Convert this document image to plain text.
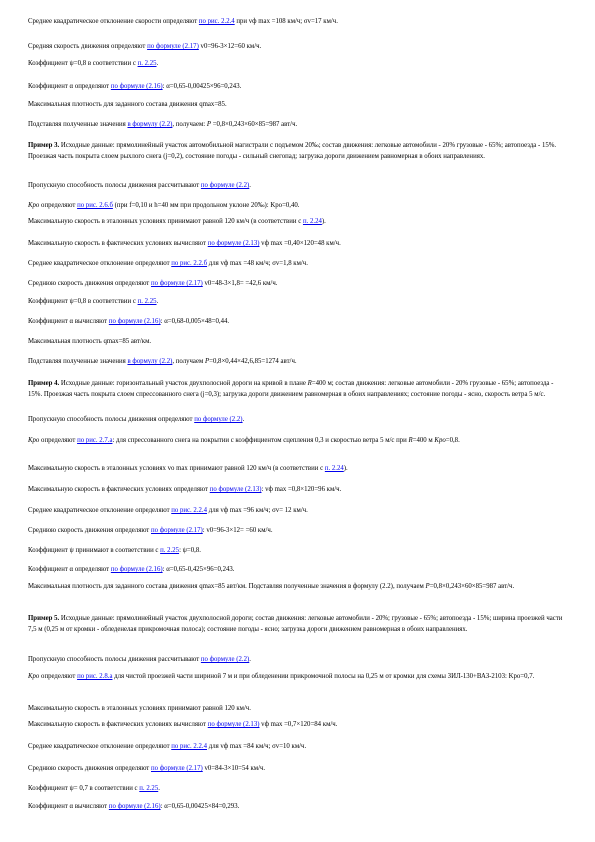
Среднее квадратическое отклонение скорости определяют по рис. 2.2.4 при vф max =108 км/ч; σv=17 км/ч.

Средняя скорость движения определяют по формуле (2.17) v0=96-3×12=60 км/ч.

Коэффициент ψ=0,8 в соответствии с п. 2.25.

Коэффициент α определяют по формуле (2.16): α=0,65-0,00425×96=0,243.

Максимальная плотность для заданного состава движения qmax=85.

Подставляя полученные значения в формулу (2.2), получаем: P =0,8×0,243×60×85=987 авт/ч.

Пример 3. Исходные данные: прямолинейный участок автомобильной магистрали с подъемом 20‰; состав движения: легковые автомобили - 20% грузовые - 65%; автопоезда - 15%. Проезжая часть покрыта слоем рыхлого снега (j=0,2), состояние погоды - сильный снегопад; загрузка дороги движением равномерная в обоих направлениях.

Пропускную способность полосы движения рассчитывают по формуле (2.2).

Kро определяют по рис. 2.6.б (при f=0,10 и h=40 мм при продольном уклоне 20‰): Kро=0,40.

Максимальную скорость в эталонных условиях принимают равной 120 км/ч (в соответствии с п. 2.24).

Максимальную скорость в фактических условиях вычисляют по формуле (2.13) vф max =0,40×120=48 км/ч.

Среднее квадратическое отклонение определяют по рис. 2.2.б для vф max =48 км/ч; σv=1,8 км/ч.

Среднюю скорость движения определяют по формуле (2.17) v0=48-3×1,8= =42,6 км/ч.

Коэффициент ψ=0,8 в соответствии с п. 2.25.

Коэффициент α вычисляют по формуле (2.16): α=0,68-0,005×48=0,44.

Максимальная плотность qmax=85 авт/км.

Подставляя полученные значения в формулу (2.2), получаем P=0,8×0,44×42,6,85=1274 авт/ч.

Пример 4. Исходные данные: горизонтальный участок двухполосной дороги на кривой в плане R=400 м; состав движения: легковые автомобили - 20% грузовые - 65%; автопоезда - 15%. Проезжая часть покрыта слоем спрессованного снега (j=0,3); загрузка дороги движением равномерная в обоих направлениях; состояние погоды - ясно, скорость ветра 5 м/с.

Пропускную способность полосы движения определяют по формуле (2.2).

Kро определяют по рис. 2.7.а: для спрессованного снега на покрытии с коэффициентом сцепления 0,3 и скоростью ветра 5 м/с при R=400 м Kро=0,8.

Максимальную скорость в эталонных условиях vо max принимают равной 120 км/ч (в соответствии с п. 2.24).

Максимальную скорость в фактических условиях определяют по формуле (2.13): vф max =0,8×120=96 км/ч.

Среднее квадратическое отклонение определяют по рис. 2.2.4 для vф max =96 км/ч; σv= 12 км/ч.

Среднюю скорость движения определяют по формуле (2.17): v0=96-3×12= =60 км/ч.

Коэффициент ψ принимают в соответствии с п. 2.25: ψ=0,8.

Коэффициент α определяют по формуле (2.16): α=0,65-0,425×96=0,243.

Максимальная плотность для заданного состава движения qmax=85 авт/км. Подставляя полученные значения в формулу (2.2), получаем P=0,8×0,243×60×85=987 авт/ч.

Пример 5. Исходные данные: прямолинейный участок двухполосной дороги; состав движения: легковые автомобили - 20%; грузовые - 65%; автопоезда - 15%; ширина проезжей части 7,5 м (0,25 м от кромки - обледенелая прикромочная полоса); состояние погоды - ясно; загрузка дороги движением равномерная в обоих направлениях.

Пропускную способность полосы движения рассчитывают по формуле (2.2).

Kро определяют по рис. 2.8.а для чистой проезжей части шириной 7 м и при обледенении прикромочной полосы на 0,25 м от кромки для схемы ЗИЛ-130+ВАЗ-2103: Kро=0,7.

Максимальную скорость в эталонных условиях принимают равной 120 км/ч.

Максимальную скорость в фактических условиях вычисляют по формуле (2.13) vф max =0,7×120=84 км/ч.

Среднее квадратическое отклонение определяют по рис. 2.2.4 для vф max =84 км/ч; σv=10 км/ч.

Среднюю скорость движения определяют по формуле (2.17) v0=84-3×10=54 км/ч.

Коэффициент ψ= 0,7 в соответствии с п. 2.25.

Коэффициент α вычисляют по формуле (2.16): α=0,65-0,00425×84=0,293.
